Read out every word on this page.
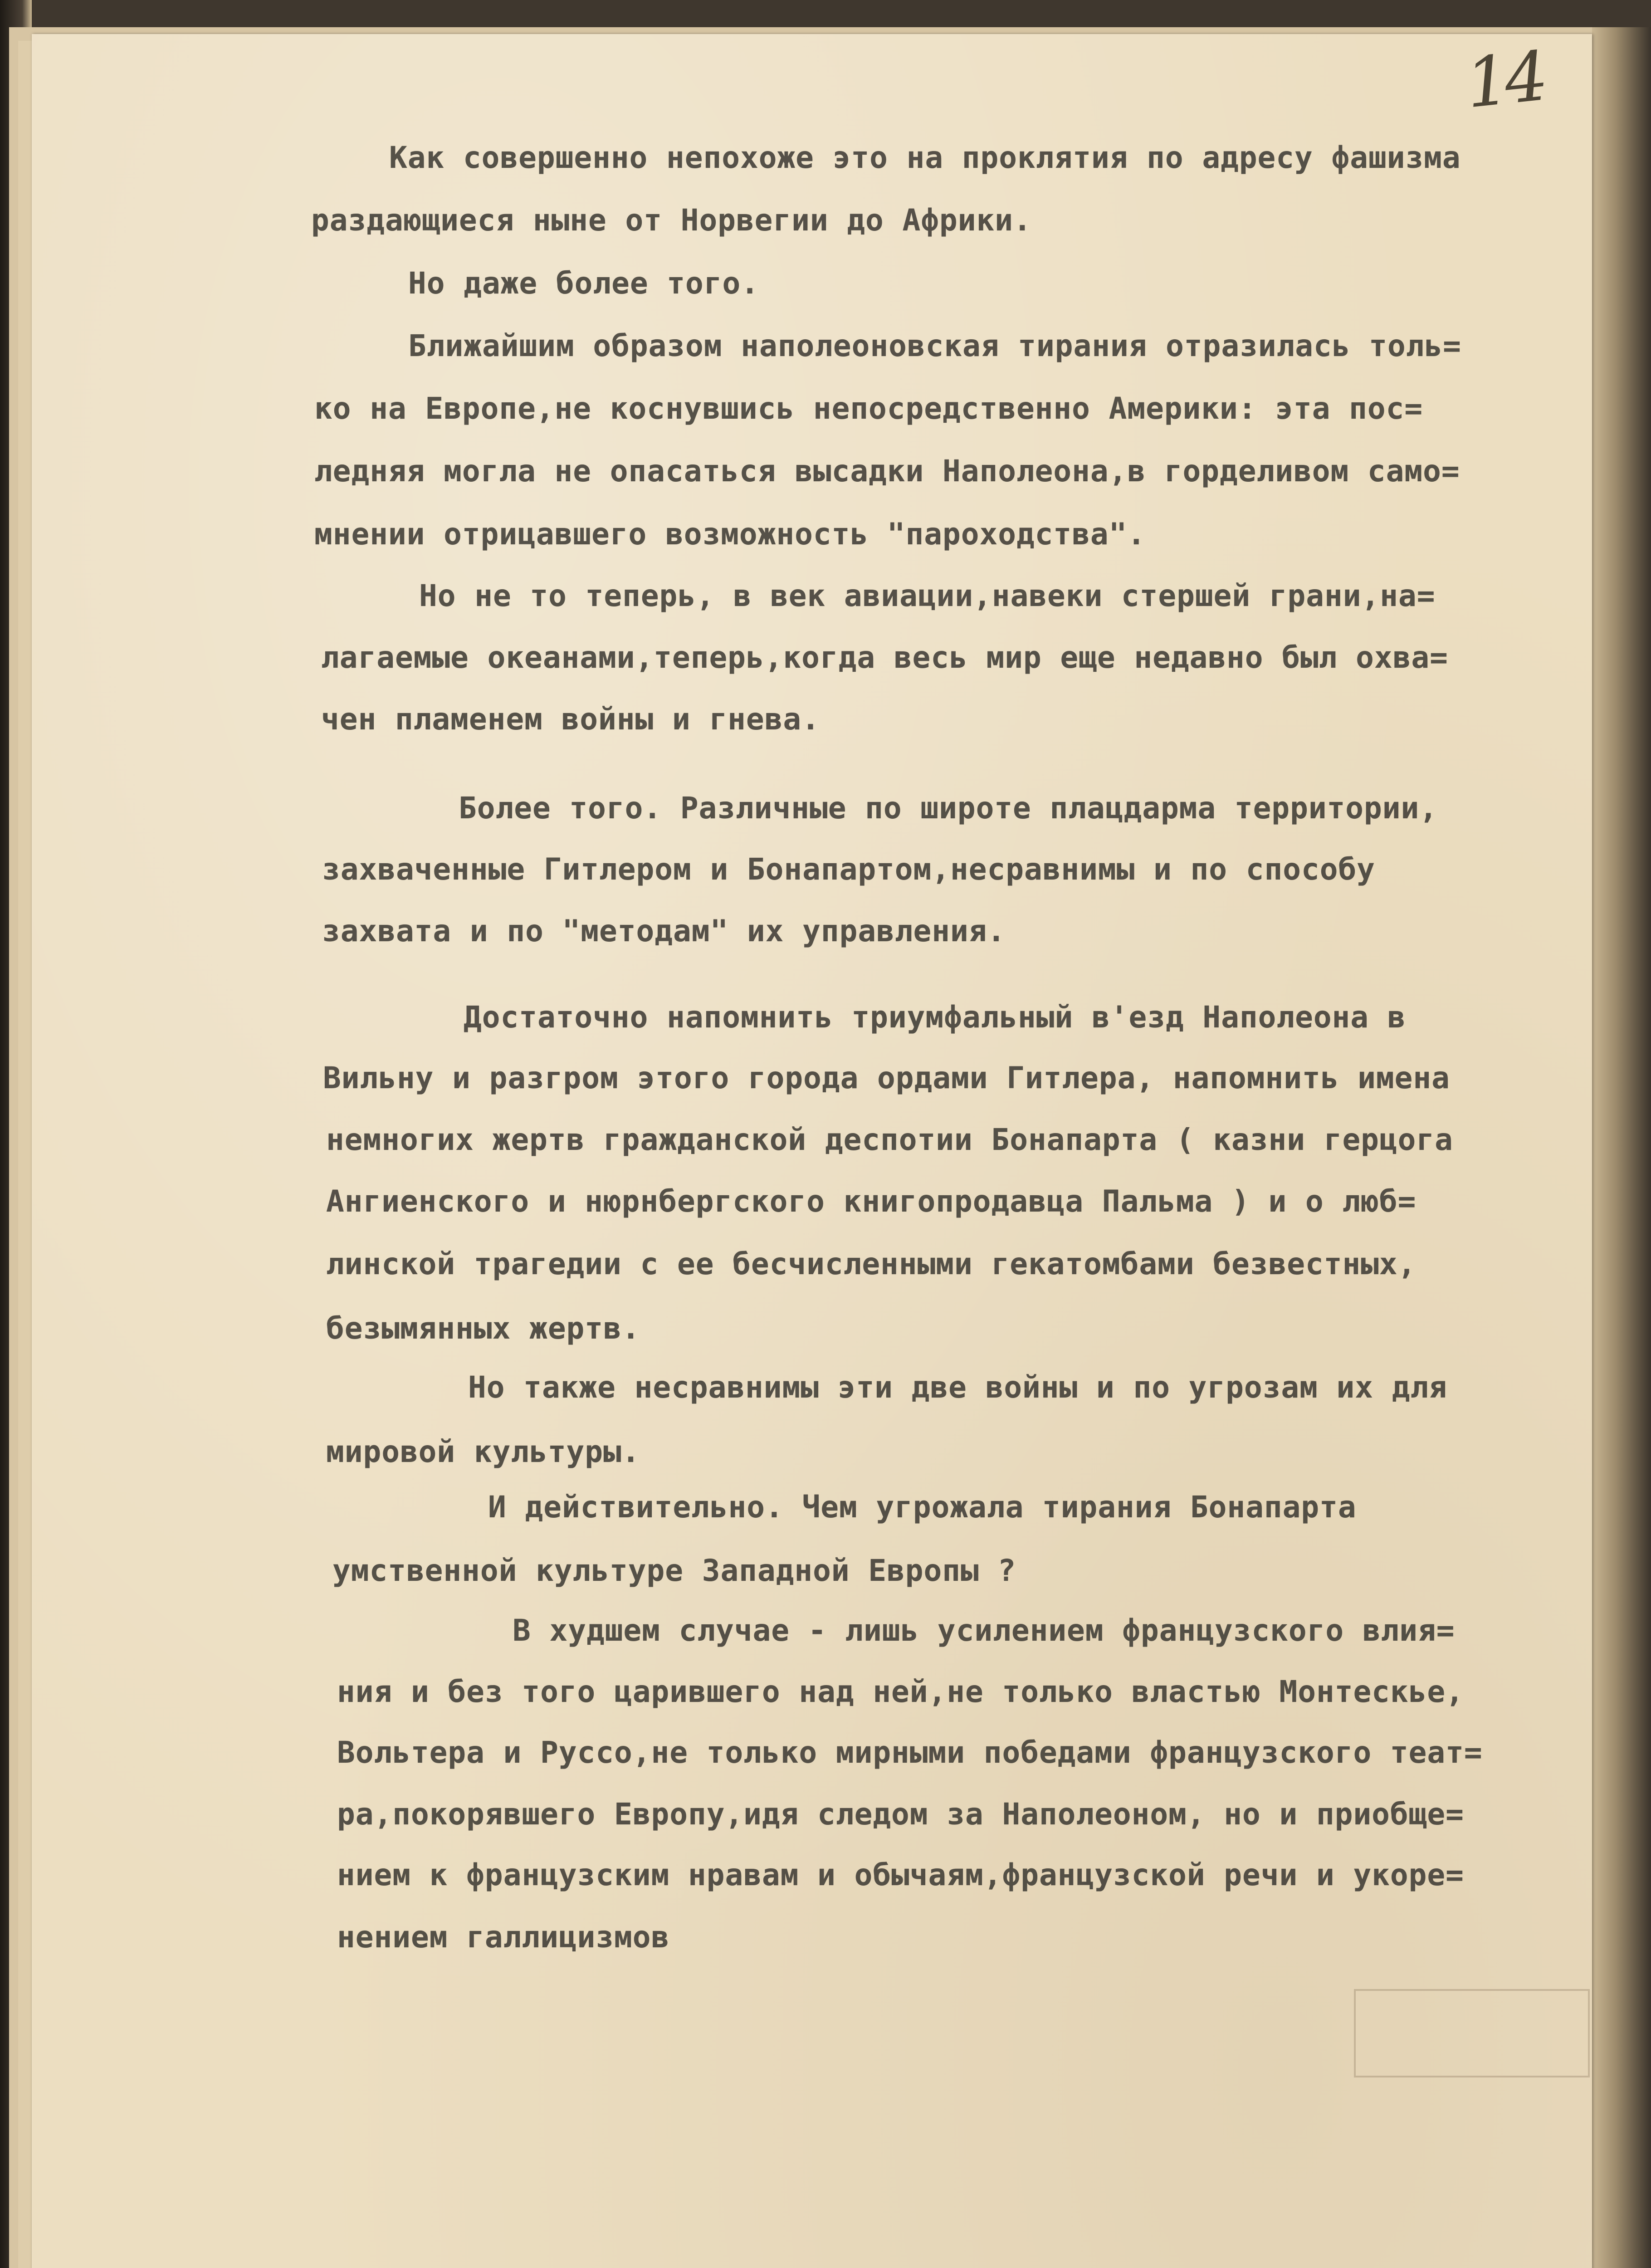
14
Как совершенно непохоже это на проклятия по адресу фашизма
раздающиеся ныне от Норвегии до Африки.
Но даже более того.
Ближайшим образом наполеоновская тирания отразилась толь=
ко на Европе,не коснувшись непосредственно Америки: эта пос=
ледняя могла не опасаться высадки Наполеона,в горделивом само=
мнении отрицавшего возможность "пароходства".
Но не то теперь, в век авиации,навеки стершей грани,на=
лагаемые океанами,теперь,когда весь мир еще недавно был охва=
чен пламенем войны и гнева.
Более того. Различные по широте плацдарма территории,
захваченные Гитлером и Бонапартом,несравнимы и по способу
захвата и по "методам" их управления.
Достаточно напомнить триумфальный в'езд Наполеона в
Вильну и разгром этого города ордами Гитлера, напомнить имена
немногих жертв гражданской деспотии Бонапарта ( казни герцога
Ангиенского и нюрнбергского книгопродавца Пальма ) и о люб=
линской трагедии с ее бесчисленными гекатомбами безвестных,
безымянных жертв.
Но также несравнимы эти две войны и по угрозам их для
мировой культуры.
И действительно. Чем угрожала тирания Бонапарта
умственной культуре Западной Европы ?
В худшем случае - лишь усилением французского влия=
ния и без того царившего над ней,не только властью Монтескье,
Вольтера и Руссо,не только мирными победами французского теат=
ра,покорявшего Европу,идя следом за Наполеоном, но и приобще=
нием к французским нравам и обычаям,французской речи и укоре=
нением галлицизмов
